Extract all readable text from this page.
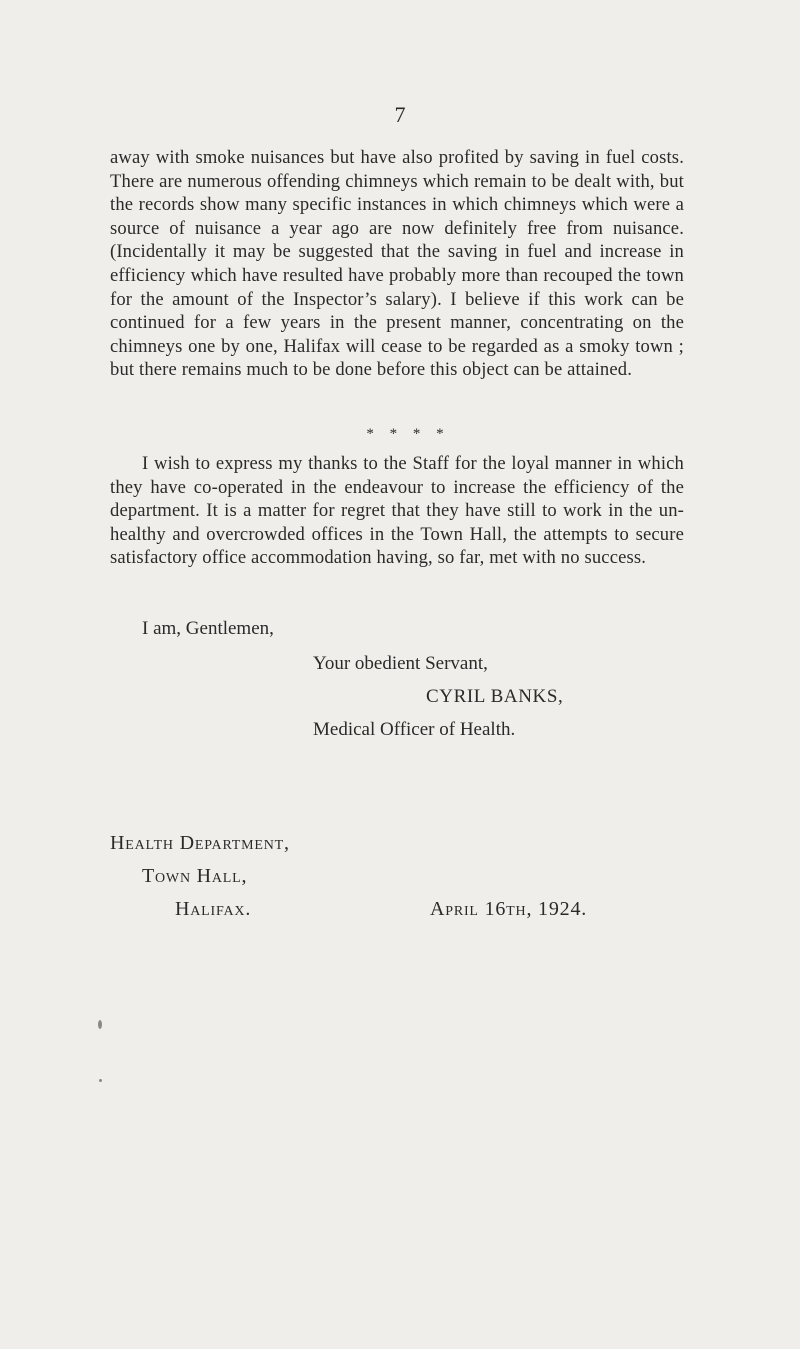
7

away with smoke nuisances but have also profited by saving in fuel costs. There are numerous offending chimneys which remain to be dealt with, but the records show many specific instances in which chimneys which were a source of nuisance a year ago are now definitely free from nuisance. (Incidentally it may be suggested that the saving in fuel and increase in efficiency which have resulted have probably more than recouped the town for the amount of the Inspector’s salary). I believe if this work can be continued for a few years in the present manner, concentrating on the chimneys one by one, Halifax will cease to be regarded as a smoky town ; but there remains much to be done before this object can be attained.

* * * *

I wish to express my thanks to the Staff for the loyal manner in which they have co-operated in the endeavour to increase the efficiency of the department. It is a matter for regret that they have still to work in the un-healthy and overcrowded offices in the Town Hall, the attempts to secure satisfactory office accommodation having, so far, met with no success.

I am, Gentlemen,
Your obedient Servant,
CYRIL BANKS,
Medical Officer of Health.
Health Department,
Town Hall,
Halifax.	April 16th, 1924.
